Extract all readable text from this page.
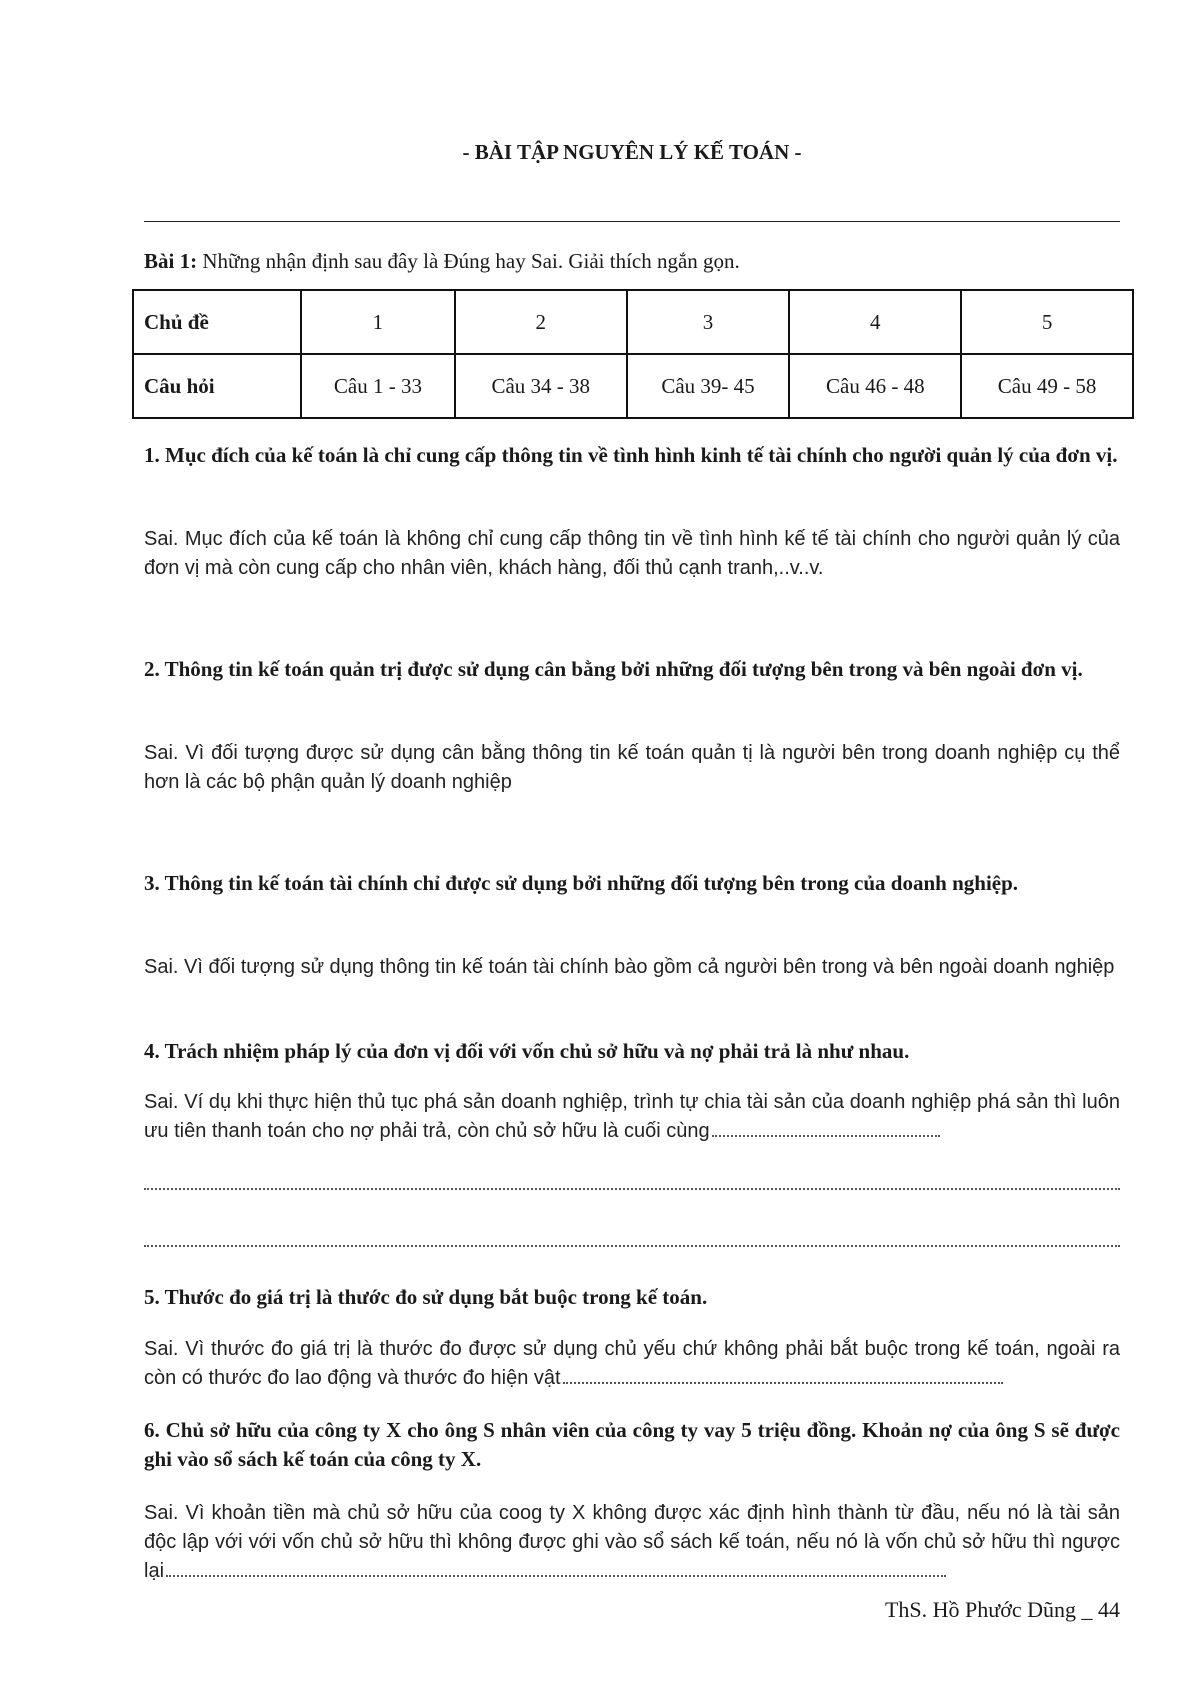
- BÀI TẬP NGUYÊN LÝ KẾ TOÁN -
Bài 1: Những nhận định sau đây là Đúng hay Sai. Giải thích ngắn gọn.
Chủ đề	1	2	3	4	5
Câu hỏi	Câu 1 - 33	Câu 34 - 38	Câu 39- 45	Câu 46 - 48	Câu 49 - 58
1. Mục đích của kế toán là chỉ cung cấp thông tin về tình hình kinh tế tài chính cho người quản lý của đơn vị.
Sai. Mục đích của kế toán là không chỉ cung cấp thông tin về tình hình kế tế tài chính cho người quản lý của đơn vị mà còn cung cấp cho nhân viên, khách hàng, đối thủ cạnh tranh,..v..v.
2. Thông tin kế toán quản trị được sử dụng cân bằng bởi những đối tượng bên trong và bên ngoài đơn vị.
Sai. Vì đối tượng được sử dụng cân bằng thông tin kế toán quản tị là người bên trong doanh nghiệp cụ thể hơn là các bộ phận quản lý doanh nghiệp
3. Thông tin kế toán tài chính chỉ được sử dụng bởi những đối tượng bên trong của doanh nghiệp.
Sai. Vì đối tượng sử dụng thông tin kế toán tài chính bào gồm cả người bên trong và bên ngoài doanh nghiệp
4. Trách nhiệm pháp lý của đơn vị đối với vốn chủ sở hữu và nợ phải trả là như nhau.
Sai. Ví dụ khi thực hiện thủ tục phá sản doanh nghiệp, trình tự chia tài sản của doanh nghiệp phá sản thì luôn ưu tiên thanh toán cho nợ phải trả, còn chủ sở hữu là cuối cùng
5. Thước đo giá trị là thước đo sử dụng bắt buộc trong kế toán.
Sai. Vì thước đo giá trị là thước đo được sử dụng chủ yếu chứ không phải bắt buộc trong kế toán, ngoài ra còn có thước đo lao động và thước đo hiện vật
6. Chủ sở hữu của công ty X cho ông S nhân viên của công ty vay 5 triệu đồng. Khoản nợ của ông S sẽ được ghi vào sổ sách kế toán của công ty X.
Sai. Vì khoản tiền mà chủ sở hữu của coog ty X không được xác định hình thành từ đầu, nếu nó là tài sản độc lập với với vốn chủ sở hữu thì không được ghi vào sổ sách kế toán, nếu nó là vốn chủ sở hữu thì ngược lại
ThS. Hồ Phước Dũng _ 44
